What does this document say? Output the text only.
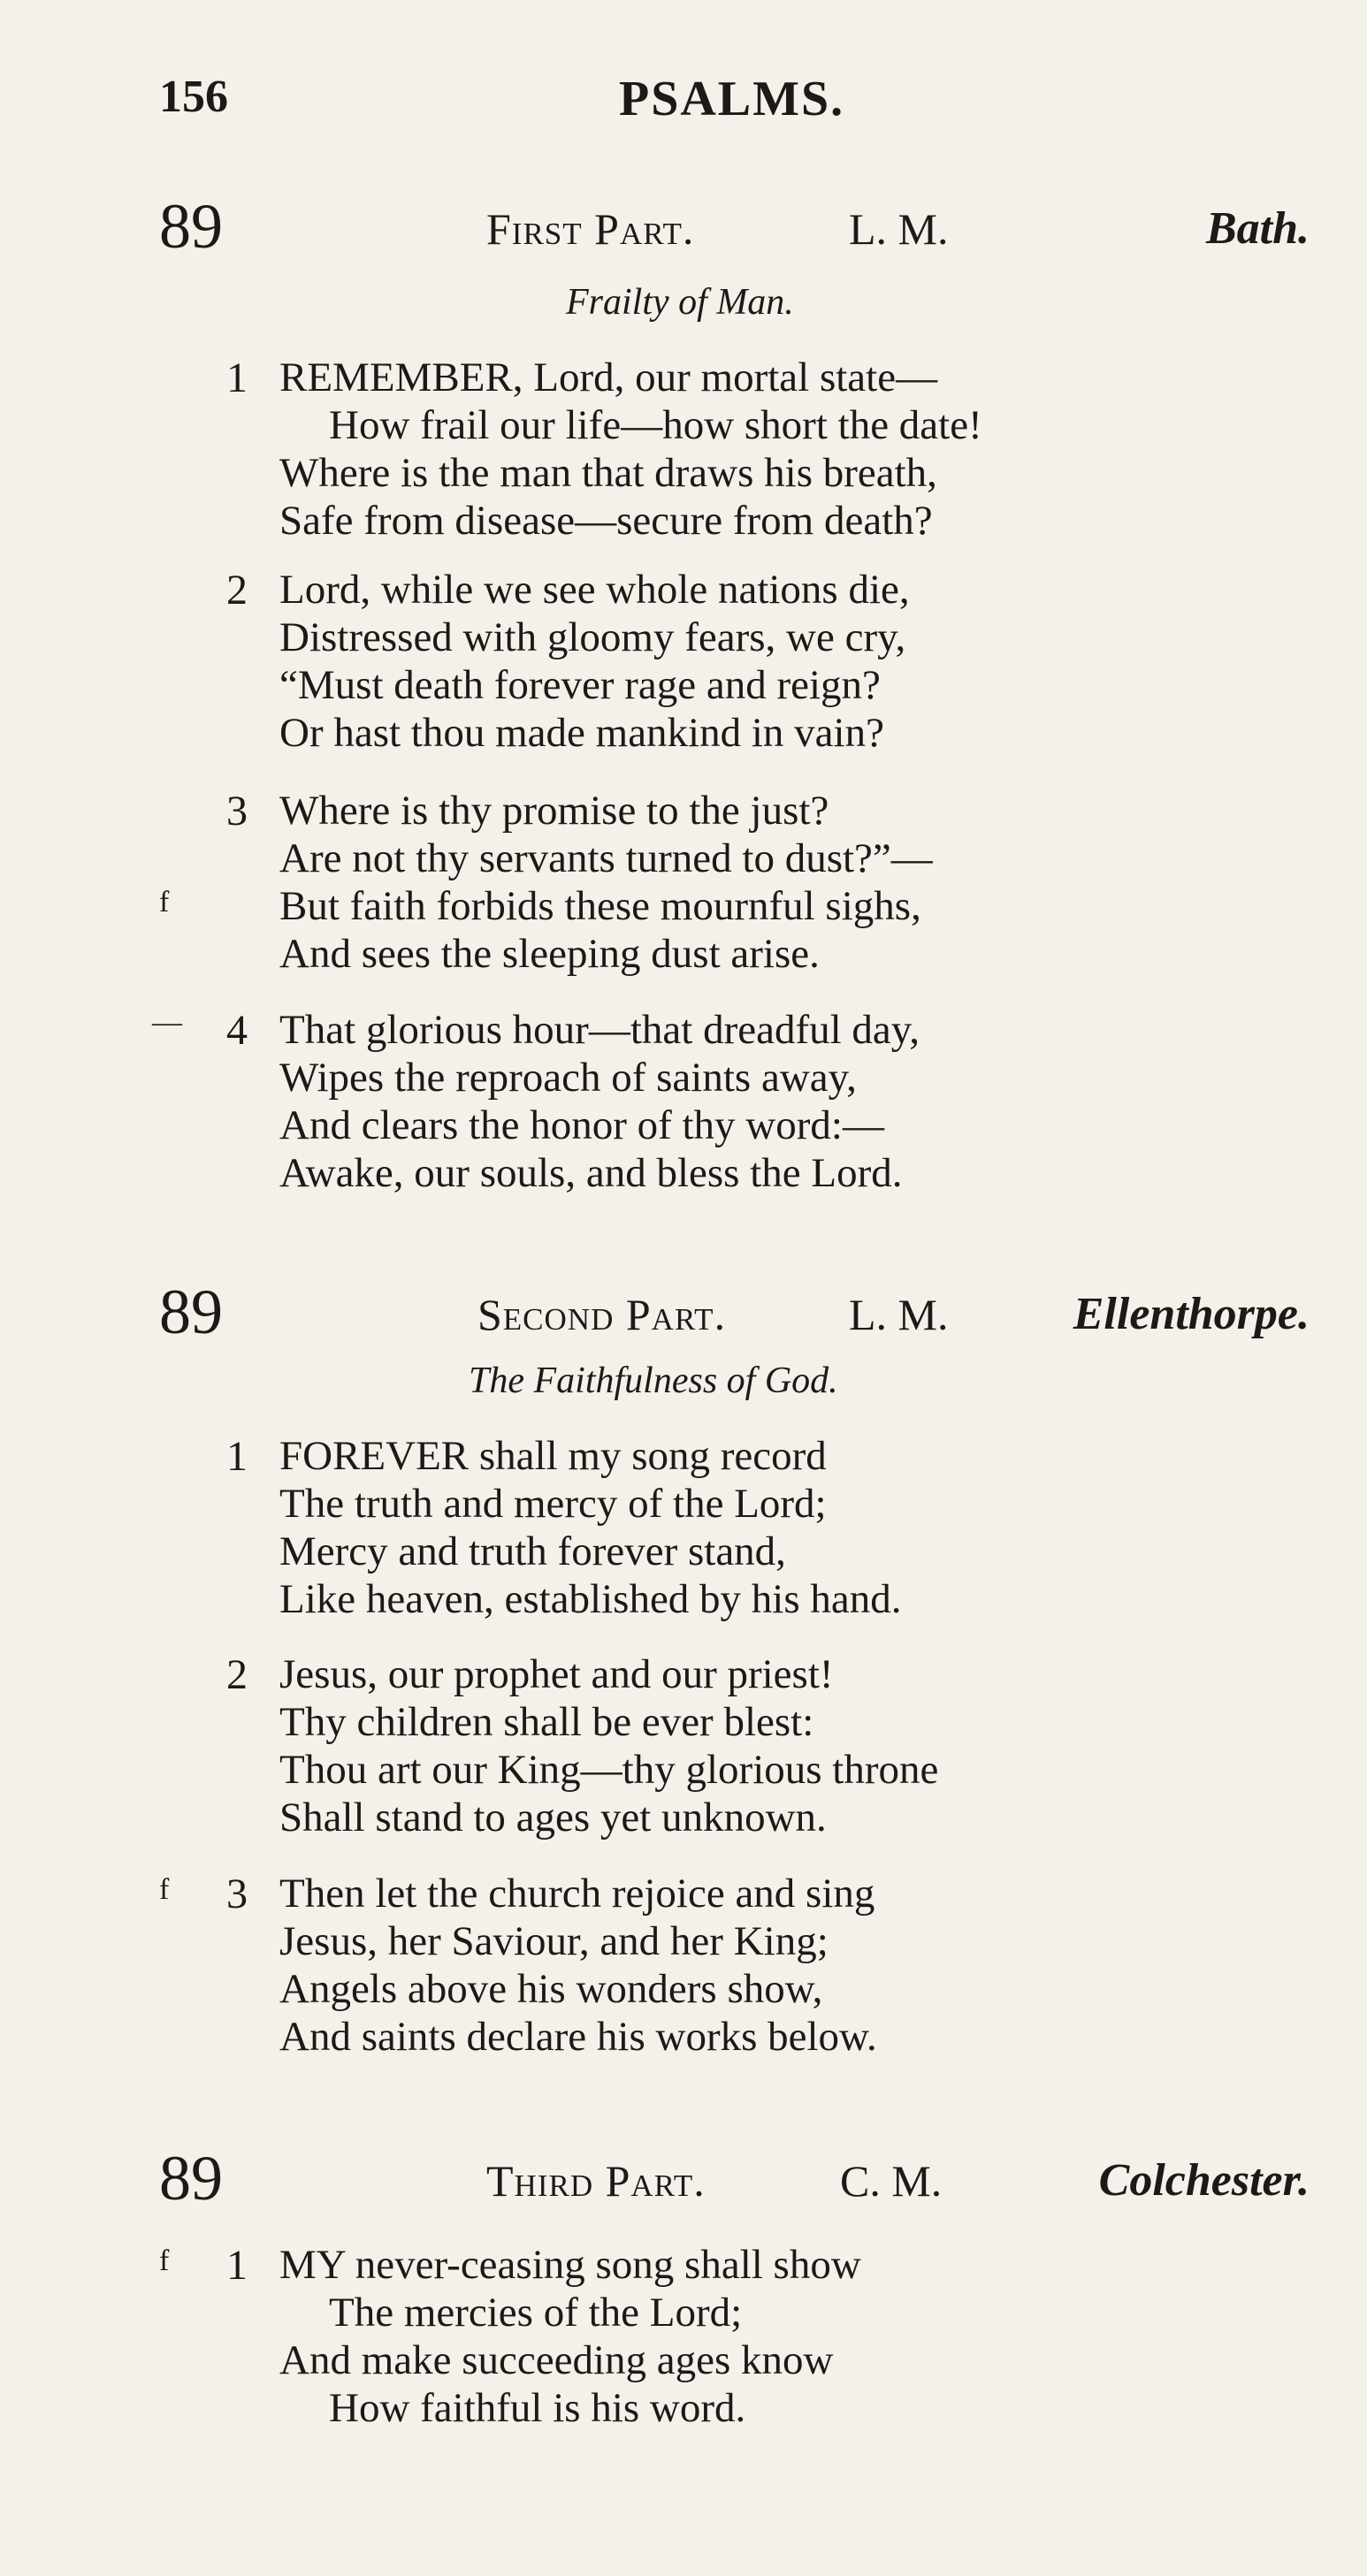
156	PSALMS.
89	First Part.	L. M.	Bath.
Frailty of Man.
1 REMEMBER, Lord, our mortal state—
How frail our life—how short the date!
Where is the man that draws his breath,
Safe from disease—secure from death?
2 Lord, while we see whole nations die,
Distressed with gloomy fears, we cry,
“Must death forever rage and reign?
Or hast thou made mankind in vain?
f
3 Where is thy promise to the just?
Are not thy servants turned to dust?”—
But faith forbids these mournful sighs,
And sees the sleeping dust arise.
— 4 That glorious hour—that dreadful day,
Wipes the reproach of saints away,
And clears the honor of thy word:—
Awake, our souls, and bless the Lord.
89	Second Part.	L. M.	Ellenthorpe.
The Faithfulness of God.
1 FOREVER shall my song record
The truth and mercy of the Lord;
Mercy and truth forever stand,
Like heaven, established by his hand.
2 Jesus, our prophet and our priest!
Thy children shall be ever blest:
Thou art our King—thy glorious throne
Shall stand to ages yet unknown.
f 3 Then let the church rejoice and sing
Jesus, her Saviour, and her King;
Angels above his wonders show,
And saints declare his works below.
89	Third Part.	C. M.	Colchester.
f 1 MY never-ceasing song shall show
The mercies of the Lord;
And make succeeding ages know
How faithful is his word.
